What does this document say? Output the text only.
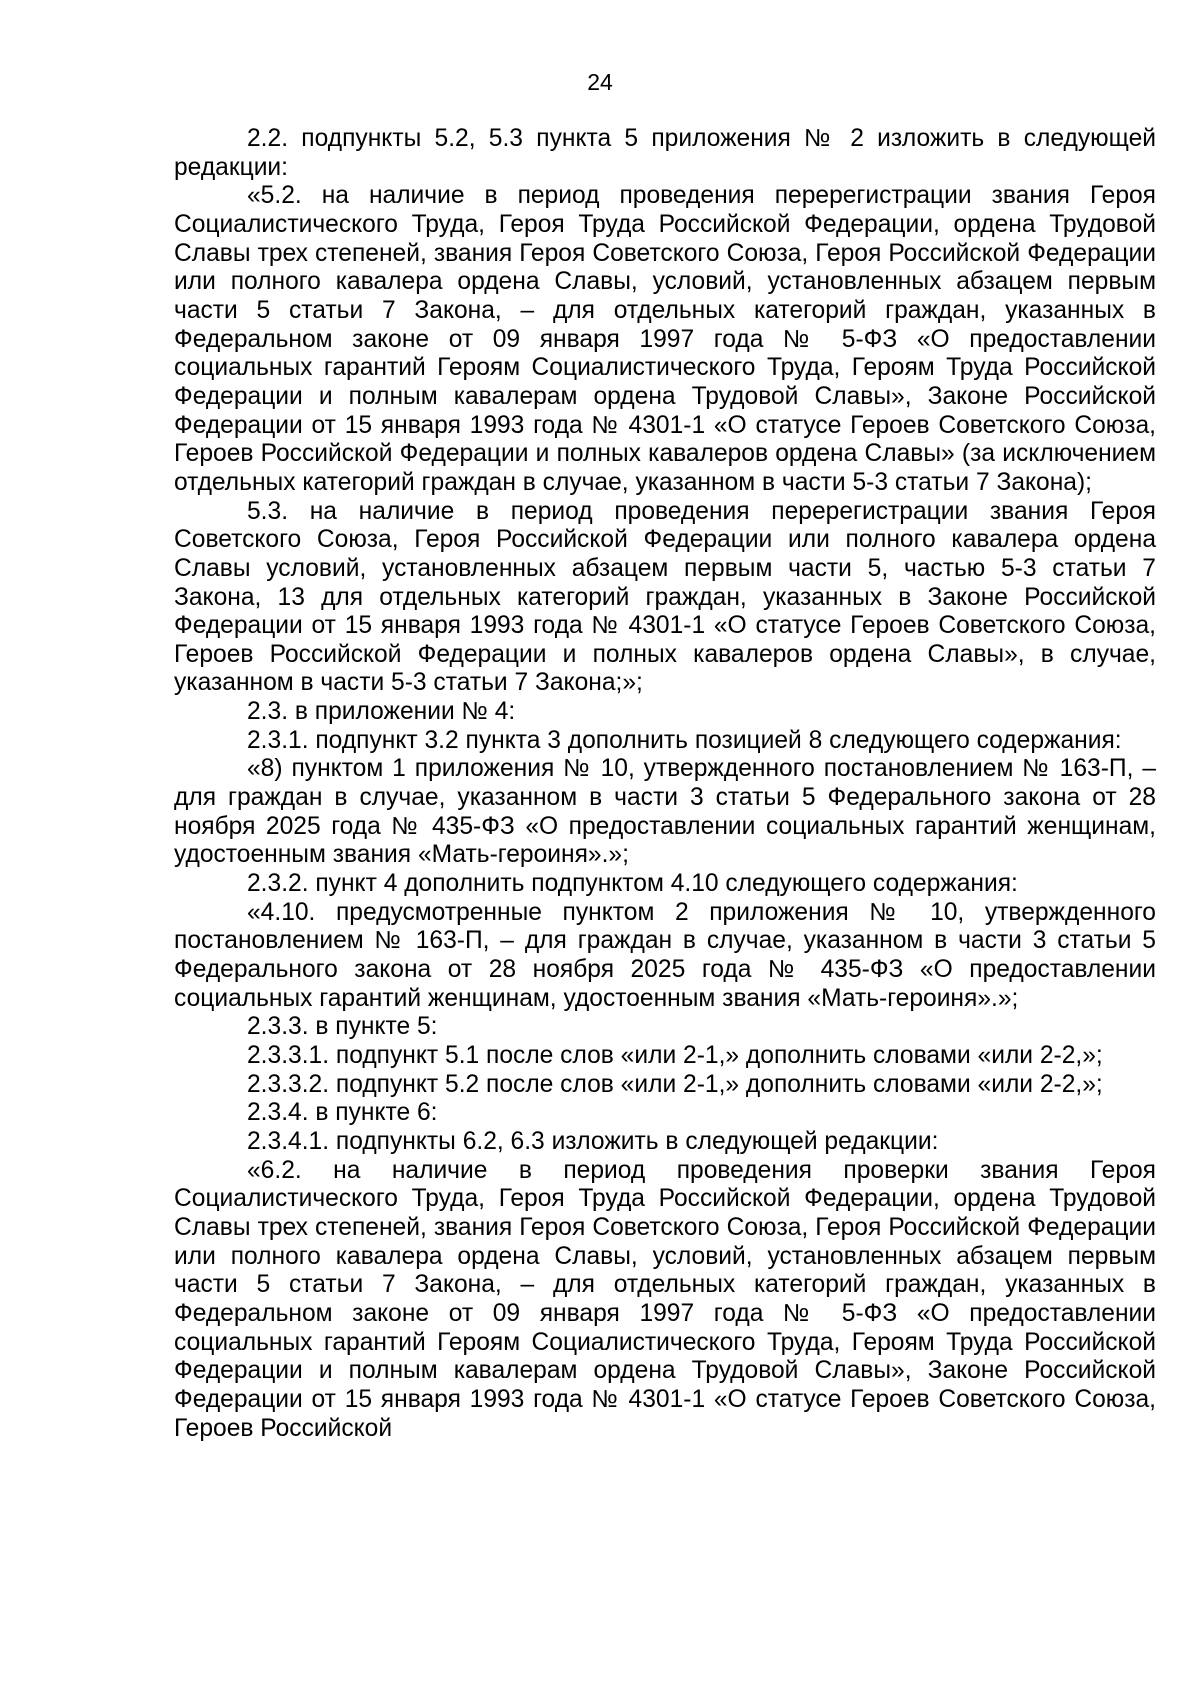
24

2.2. подпункты 5.2, 5.3 пункта 5 приложения № 2 изложить в следующей редакции:

«5.2. на наличие в период проведения перерегистрации звания Героя Социалистического Труда, Героя Труда Российской Федерации, ордена Трудовой Славы трех степеней, звания Героя Советского Союза, Героя Российской Федерации или полного кавалера ордена Славы, условий, установленных абзацем первым части 5 статьи 7 Закона, – для отдельных категорий граждан, указанных в Федеральном законе от 09 января 1997 года № 5-ФЗ «О предоставлении социальных гарантий Героям Социалистического Труда, Героям Труда Российской Федерации и полным кавалерам ордена Трудовой Славы», Законе Российской Федерации от 15 января 1993 года № 4301-1 «О статусе Героев Советского Союза, Героев Российской Федерации и полных кавалеров ордена Славы» (за исключением отдельных категорий граждан в случае, указанном в части 5-3 статьи 7 Закона);

5.3. на наличие в период проведения перерегистрации звания Героя Советского Союза, Героя Российской Федерации или полного кавалера ордена Славы условий, установленных абзацем первым части 5, частью 5-3 статьи 7 Закона, 13 для отдельных категорий граждан, указанных в Законе Российской Федерации от 15 января 1993 года № 4301-1 «О статусе Героев Советского Союза, Героев Российской Федерации и полных кавалеров ордена Славы», в случае, указанном в части 5-3 статьи 7 Закона;»;

2.3. в приложении № 4:

2.3.1. подпункт 3.2 пункта 3 дополнить позицией 8 следующего содержания:

«8) пунктом 1 приложения № 10, утвержденного постановлением № 163-П, – для граждан в случае, указанном в части 3 статьи 5 Федерального закона от 28 ноября 2025 года № 435-ФЗ «О предоставлении социальных гарантий женщинам, удостоенным звания «Мать-героиня».»;

2.3.2. пункт 4 дополнить подпунктом 4.10 следующего содержания:

«4.10. предусмотренные пунктом 2 приложения № 10, утвержденного постановлением № 163-П, – для граждан в случае, указанном в части 3 статьи 5 Федерального закона от 28 ноября 2025 года № 435-ФЗ «О предоставлении социальных гарантий женщинам, удостоенным звания «Мать-героиня».»;

2.3.3. в пункте 5:

2.3.3.1. подпункт 5.1 после слов «или 2-1,» дополнить словами «или 2-2,»;

2.3.3.2. подпункт 5.2 после слов «или 2-1,» дополнить словами «или 2-2,»;

2.3.4. в пункте 6:

2.3.4.1. подпункты 6.2, 6.3 изложить в следующей редакции:

«6.2. на наличие в период проведения проверки звания Героя Социалистического Труда, Героя Труда Российской Федерации, ордена Трудовой Славы трех степеней, звания Героя Советского Союза, Героя Российской Федерации или полного кавалера ордена Славы, условий, установленных абзацем первым части 5 статьи 7 Закона, – для отдельных категорий граждан, указанных в Федеральном законе от 09 января 1997 года № 5-ФЗ «О предоставлении социальных гарантий Героям Социалистического Труда, Героям Труда Российской Федерации и полным кавалерам ордена Трудовой Славы», Законе Российской Федерации от 15 января 1993 года № 4301-1 «О статусе Героев Советского Союза, Героев Российской
